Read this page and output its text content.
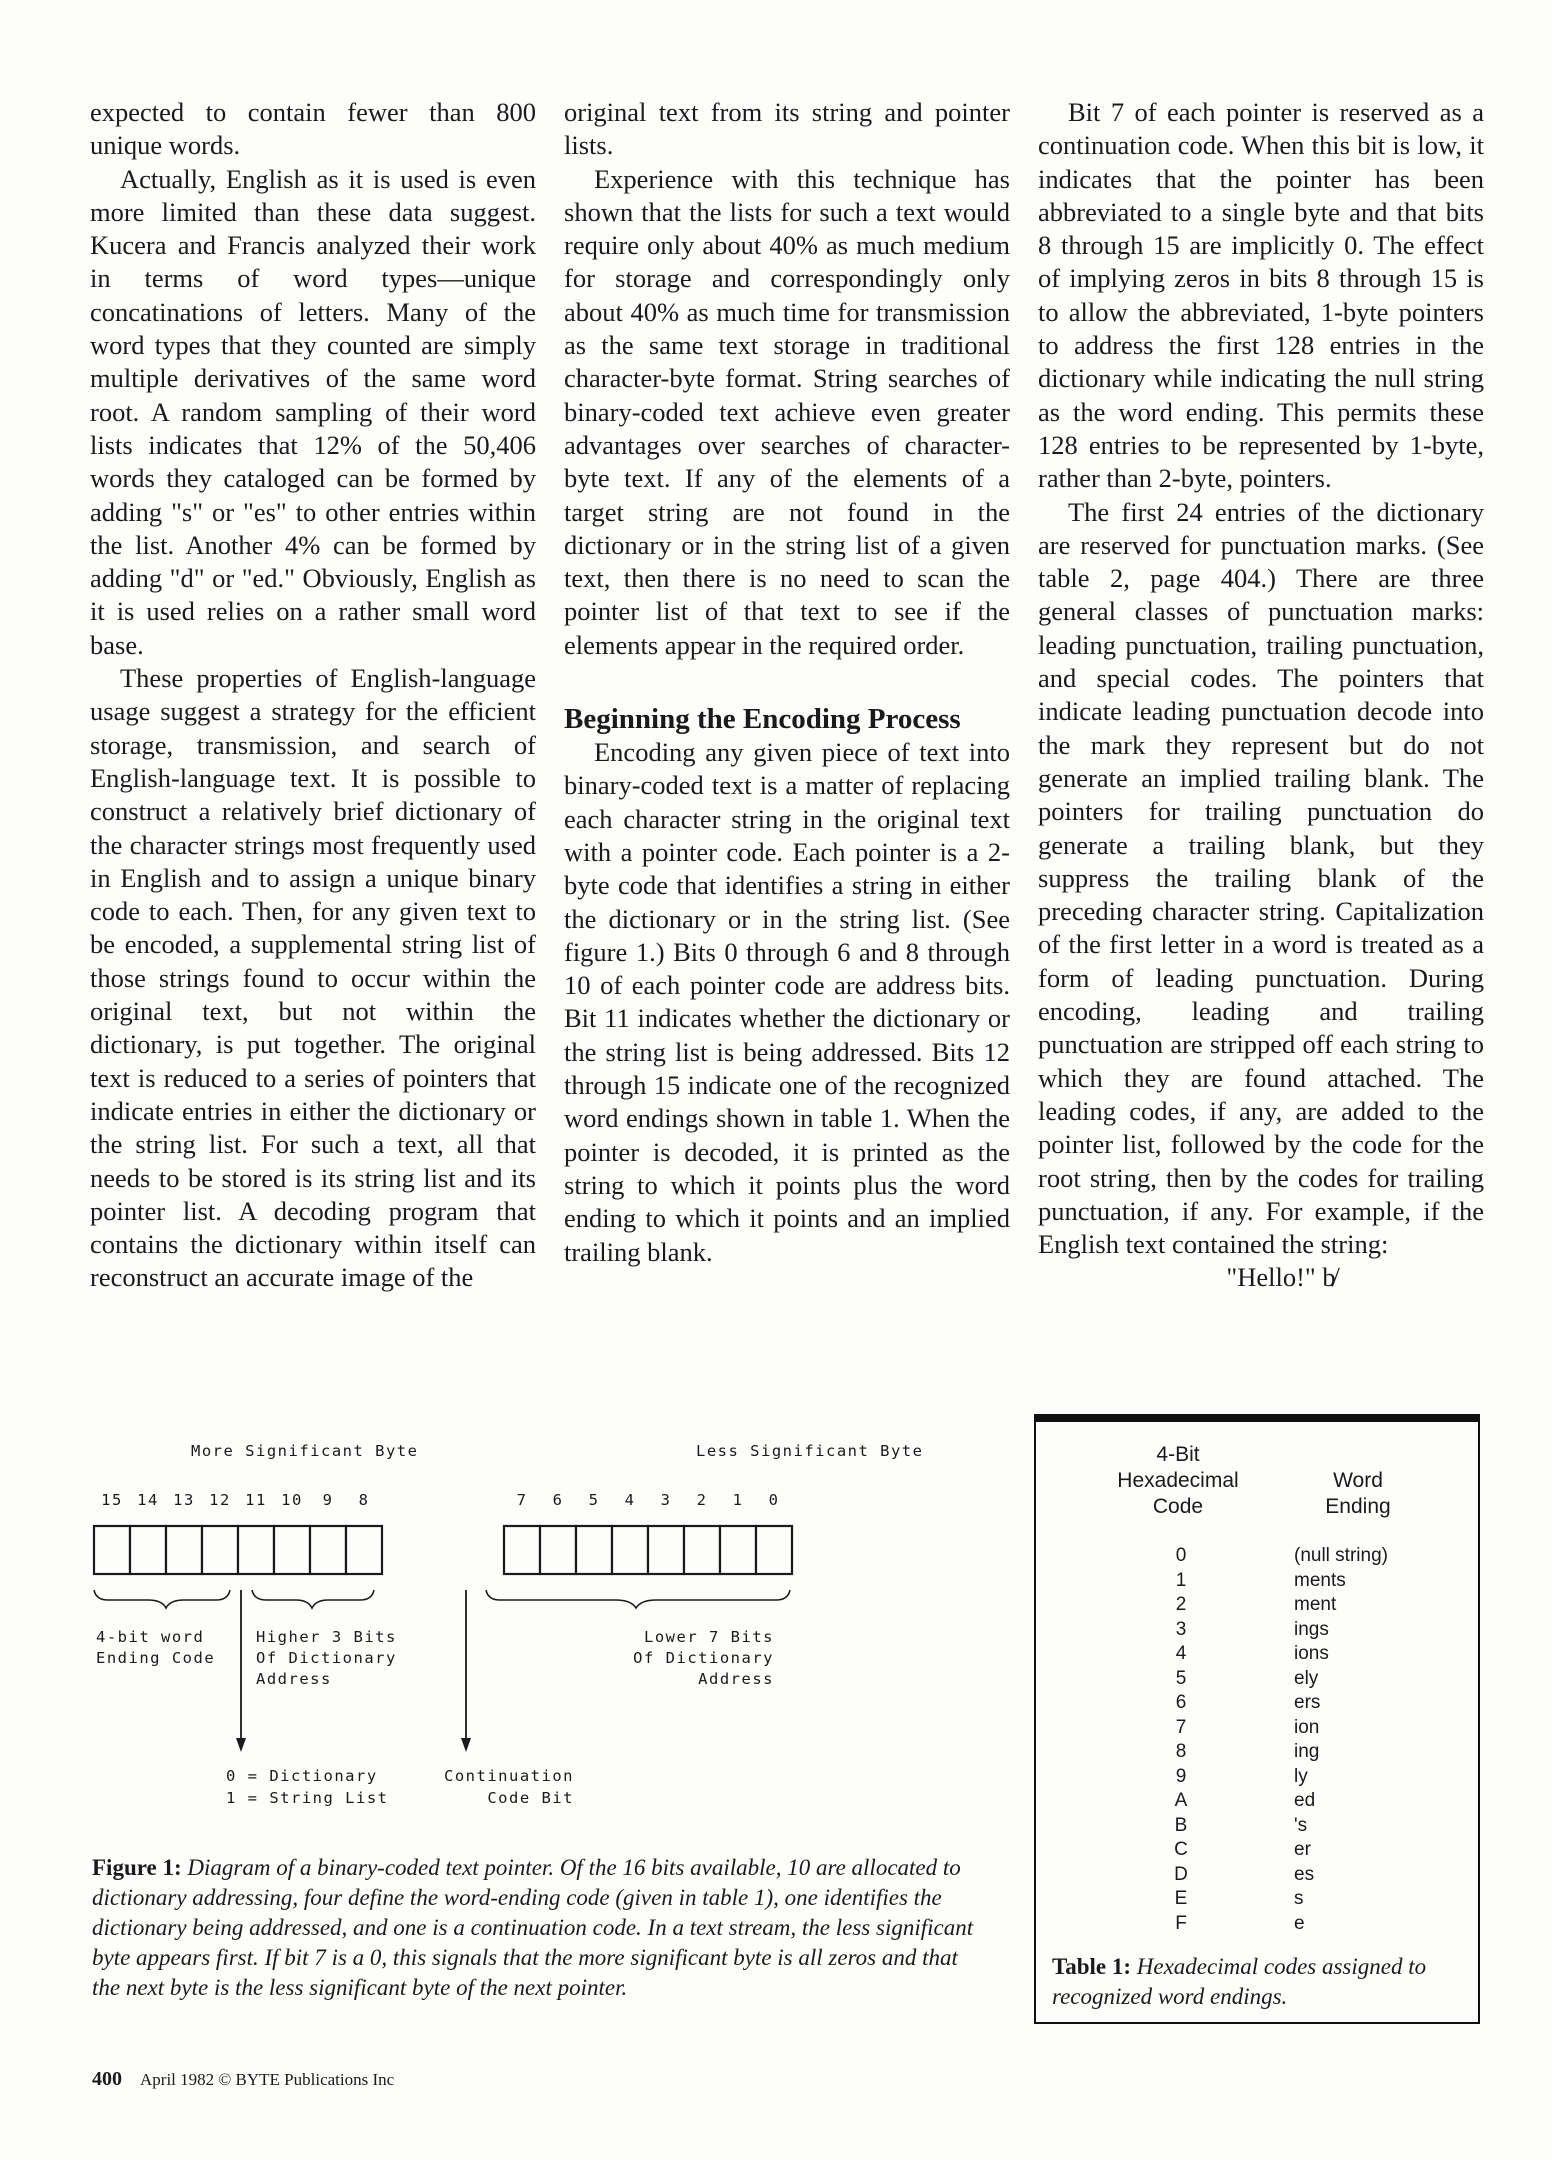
expected to contain fewer than 800 unique words.

Actually, English as it is used is even more limited than these data suggest. Kucera and Francis analyzed their work in terms of word types—unique concatinations of letters. Many of the word types that they counted are simply multiple derivatives of the same word root. A random sampling of their word lists indicates that 12% of the 50,406 words they cataloged can be formed by adding "s" or "es" to other entries within the list. Another 4% can be formed by adding "d" or "ed." Obviously, English as it is used relies on a rather small word base.

These properties of English-language usage suggest a strategy for the efficient storage, transmission, and search of English-language text. It is possible to construct a relatively brief dictionary of the character strings most frequently used in English and to assign a unique binary code to each. Then, for any given text to be encoded, a supplemental string list of those strings found to occur within the original text, but not within the dictionary, is put together. The original text is reduced to a series of pointers that indicate entries in either the dictionary or the string list. For such a text, all that needs to be stored is its string list and its pointer list. A decoding program that contains the dictionary within itself can reconstruct an accurate image of the

original text from its string and pointer lists.

Experience with this technique has shown that the lists for such a text would require only about 40% as much medium for storage and correspondingly only about 40% as much time for transmission as the same text storage in traditional character-byte format. String searches of binary-coded text achieve even greater advantages over searches of character-byte text. If any of the elements of a target string are not found in the dictionary or in the string list of a given text, then there is no need to scan the pointer list of that text to see if the elements appear in the required order.

Beginning the Encoding Process

Encoding any given piece of text into binary-coded text is a matter of replacing each character string in the original text with a pointer code. Each pointer is a 2-byte code that identifies a string in either the dictionary or in the string list. (See figure 1.) Bits 0 through 6 and 8 through 10 of each pointer code are address bits. Bit 11 indicates whether the dictionary or the string list is being addressed. Bits 12 through 15 indicate one of the recognized word endings shown in table 1. When the pointer is decoded, it is printed as the string to which it points plus the word ending to which it points and an implied trailing blank.

Bit 7 of each pointer is reserved as a continuation code. When this bit is low, it indicates that the pointer has been abbreviated to a single byte and that bits 8 through 15 are implicitly 0. The effect of implying zeros in bits 8 through 15 is to allow the abbreviated, 1-byte pointers to address the first 128 entries in the dictionary while indicating the null string as the word ending. This permits these 128 entries to be represented by 1-byte, rather than 2-byte, pointers.

The first 24 entries of the dictionary are reserved for punctuation marks. (See table 2, page 404.) There are three general classes of punctuation marks: leading punctuation, trailing punctuation, and special codes. The pointers that indicate leading punctuation decode into the mark they represent but do not generate an implied trailing blank. The pointers for trailing punctuation do generate a trailing blank, but they suppress the trailing blank of the preceding character string. Capitalization of the first letter in a word is treated as a form of leading punctuation. During encoding, leading and trailing punctuation are stripped off each string to which they are found attached. The leading codes, if any, are added to the pointer list, followed by the code for the root string, then by the codes for trailing punctuation, if any. For example, if the English text contained the string:

"Hello!" b̸

More Significant Byte	Less Significant Byte
15 14 13 12 11 10 9 8	7 6 5 4 3 2 1 0
4-bit word
Ending Code
Higher 3 Bits
Of Dictionary
Address
Lower 7 Bits
Of Dictionary
Address
0 = Dictionary
1 = String List
Continuation
Code Bit
Figure 1: Diagram of a binary-coded text pointer. Of the 16 bits available, 10 are allocated to dictionary addressing, four define the word-ending code (given in table 1), one identifies the dictionary being addressed, and one is a continuation code. In a text stream, the less significant byte appears first. If bit 7 is a 0, this signals that the more significant byte is all zeros and that the next byte is the less significant byte of the next pointer.
4-Bit
Hexadecimal
Code
Word
Ending
0
1
2
3
4
5
6
7
8
9
A
B
C
D
E
F
(null string)
ments
ment
ings
ions
ely
ers
ion
ing
ly
ed
's
er
es
s
e
Table 1: Hexadecimal codes assigned to recognized word endings.
400 April 1982 © BYTE Publications Inc
